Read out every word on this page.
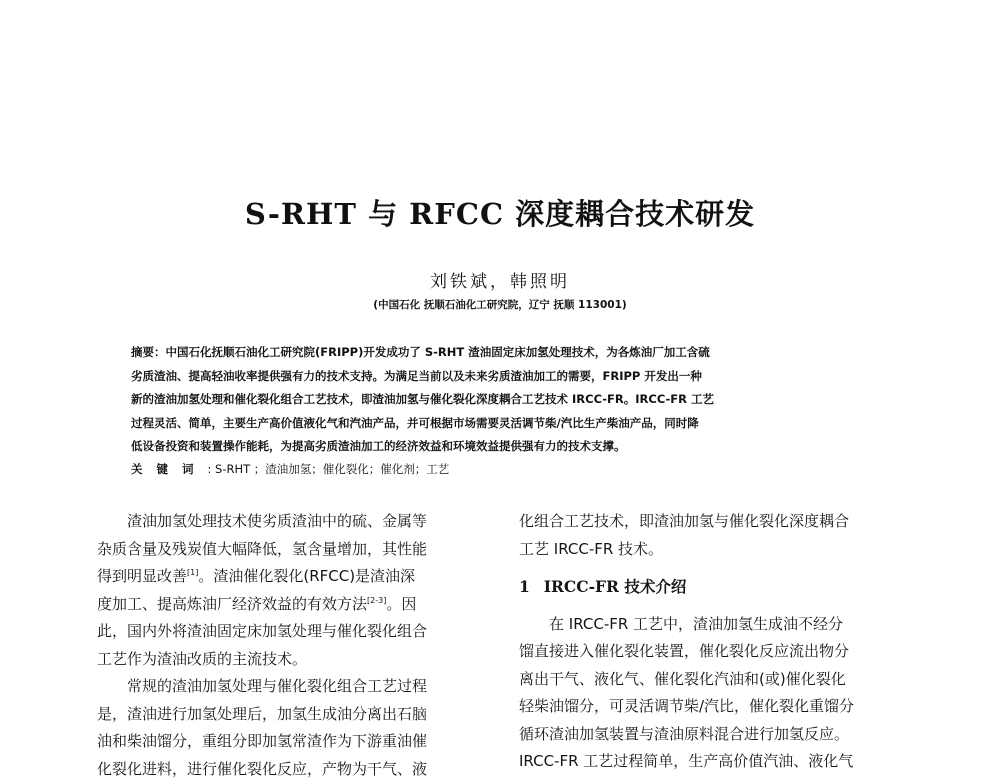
S-RHT 与 RFCC 深度耦合技术研发
刘铁斌，韩照明
(中国石化 抚顺石油化工研究院，辽宁 抚顺 113001)
摘要：中国石化抚顺石油化工研究院(FRIPP)开发成功了 S-RHT 渣油固定床加氢处理技术，为各炼油厂加工含硫
劣质渣油、提高轻油收率提供强有力的技术支持。为满足当前以及未来劣质渣油加工的需要，FRIPP 开发出一种
新的渣油加氢处理和催化裂化组合工艺技术，即渣油加氢与催化裂化深度耦合工艺技术 IRCC-FR。IRCC-FR 工艺
过程灵活、简单，主要生产高价值液化气和汽油产品，并可根据市场需要灵活调节柴/汽比生产柴油产品，同时降
低设备投资和装置操作能耗，为提高劣质渣油加工的经济效益和环境效益提供强有力的技术支撑。
关键词: S-RHT ；渣油加氢；催化裂化；催化剂；工艺
渣油加氢处理技术使劣质渣油中的硫、金属等
杂质含量及残炭值大幅降低，氢含量增加，其性能
得到明显改善[1]。渣油催化裂化(RFCC)是渣油深
度加工、提高炼油厂经济效益的有效方法[2-3]。因
此，国内外将渣油固定床加氢处理与催化裂化组合
工艺作为渣油改质的主流技术。
常规的渣油加氢处理与催化裂化组合工艺过程
是，渣油进行加氢处理后，加氢生成油分离出石脑
油和柴油馏分，重组分即加氢常渣作为下游重油催
化裂化进料，进行催化裂化反应，产物为干气、液
化组合工艺技术，即渣油加氢与催化裂化深度耦合
工艺 IRCC-FR 技术。
1 IRCC-FR 技术介绍
在 IRCC-FR 工艺中，渣油加氢生成油不经分
馏直接进入催化裂化装置，催化裂化反应流出物分
离出干气、液化气、催化裂化汽油和(或)催化裂化
轻柴油馏分，可灵活调节柴/汽比，催化裂化重馏分
循环渣油加氢装置与渣油原料混合进行加氢反应。
IRCC-FR 工艺过程简单，生产高价值汽油、液化气
